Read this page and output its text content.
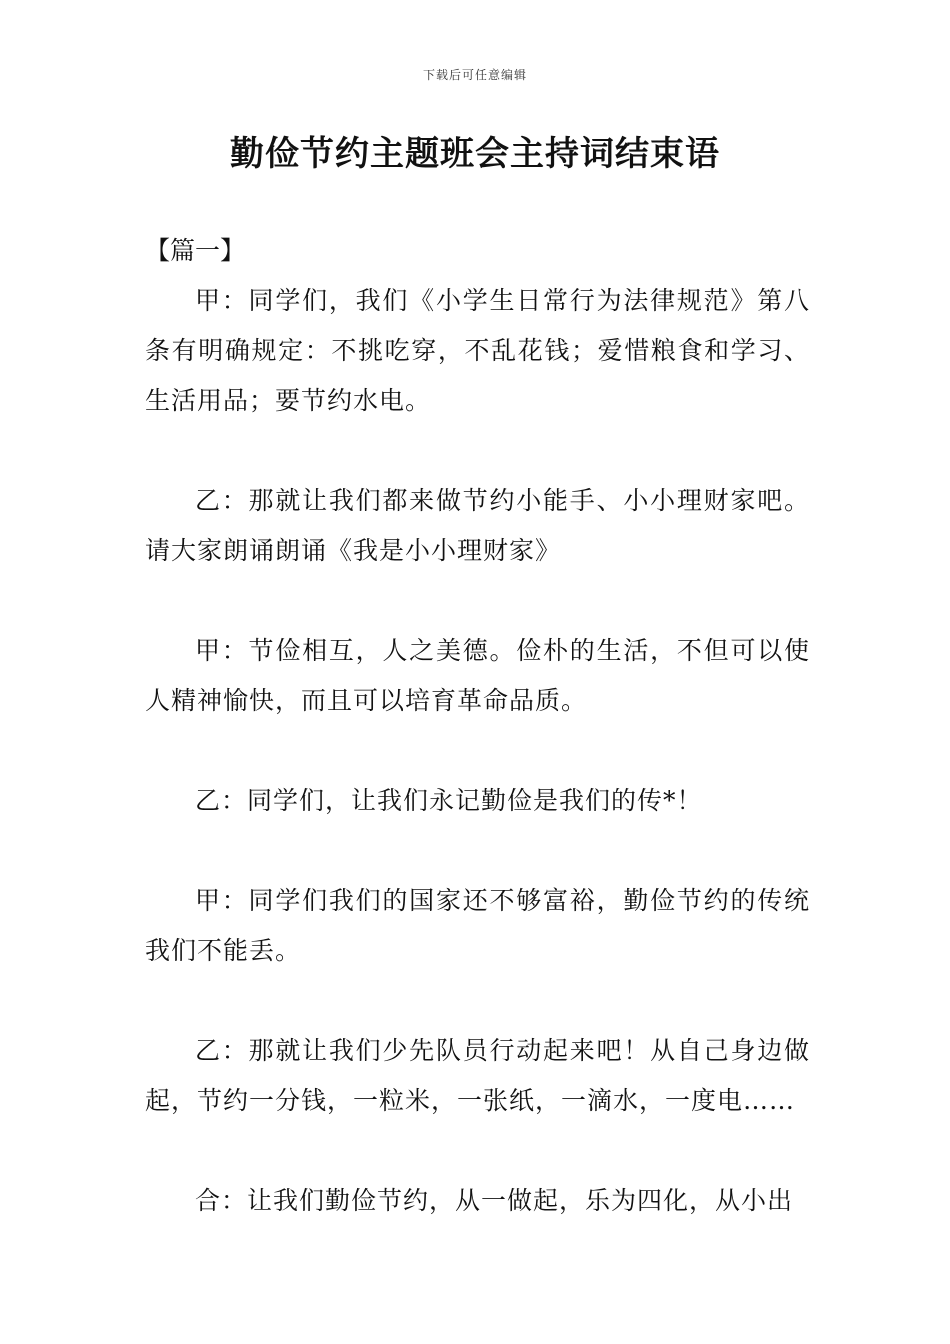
下载后可任意编辑
勤俭节约主题班会主持词结束语

【篇一】

甲：同学们，我们《小学生日常行为法律规范》第八条有明确规定：不挑吃穿，不乱花钱；爱惜粮食和学习、生活用品；要节约水电。

乙：那就让我们都来做节约小能手、小小理财家吧。请大家朗诵朗诵《我是小小理财家》

甲：节俭相互，人之美德。俭朴的生活，不但可以使人精神愉快，而且可以培育革命品质。

乙：同学们，让我们永记勤俭是我们的传*！

甲：同学们我们的国家还不够富裕，勤俭节约的传统我们不能丢。

乙：那就让我们少先队员行动起来吧！从自己身边做起，节约一分钱，一粒米，一张纸，一滴水，一度电……

合：让我们勤俭节约，从一做起，乐为四化，从小出
